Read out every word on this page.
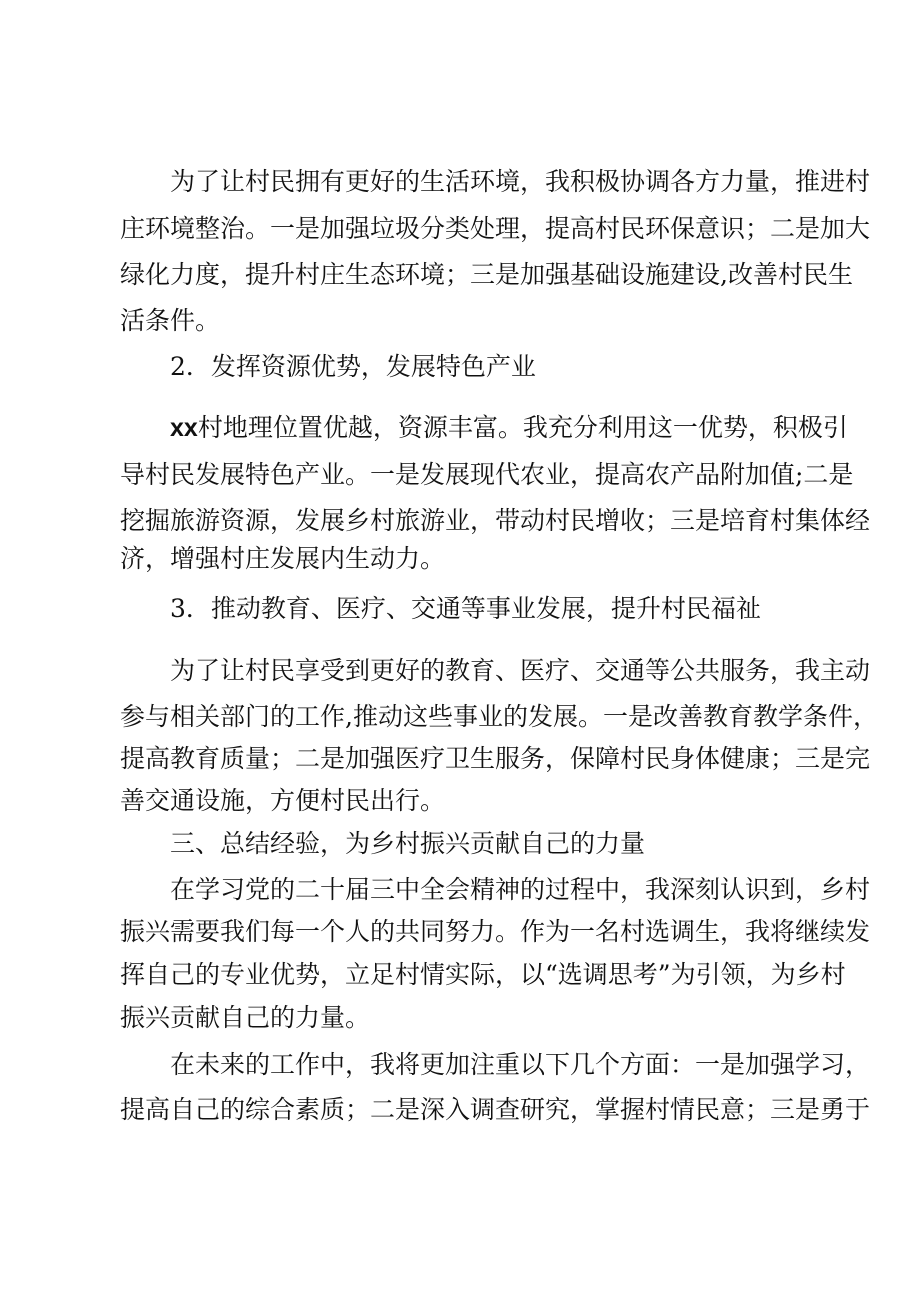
为了让村民拥有更好的生活环境，我积极协调各方力量，推进村
庄环境整治。一是加强垃圾分类处理，提高村民环保意识；二是加大
绿化力度，提升村庄生态环境；三是加强基础设施建设,改善村民生
活条件。
2．发挥资源优势，发展特色产业
xx村地理位置优越，资源丰富。我充分利用这一优势，积极引
导村民发展特色产业。一是发展现代农业，提高农产品附加值;二是
挖掘旅游资源，发展乡村旅游业，带动村民增收；三是培育村集体经
济，增强村庄发展内生动力。
3．推动教育、医疗、交通等事业发展，提升村民福祉
为了让村民享受到更好的教育、医疗、交通等公共服务，我主动
参与相关部门的工作,推动这些事业的发展。一是改善教育教学条件，
提高教育质量；二是加强医疗卫生服务，保障村民身体健康；三是完
善交通设施，方便村民出行。
三、总结经验，为乡村振兴贡献自己的力量
在学习党的二十届三中全会精神的过程中，我深刻认识到，乡村
振兴需要我们每一个人的共同努力。作为一名村选调生，我将继续发
挥自己的专业优势，立足村情实际，以“选调思考”为引领，为乡村
振兴贡献自己的力量。
在未来的工作中，我将更加注重以下几个方面：一是加强学习，
提高自己的综合素质；二是深入调查研究，掌握村情民意；三是勇于
